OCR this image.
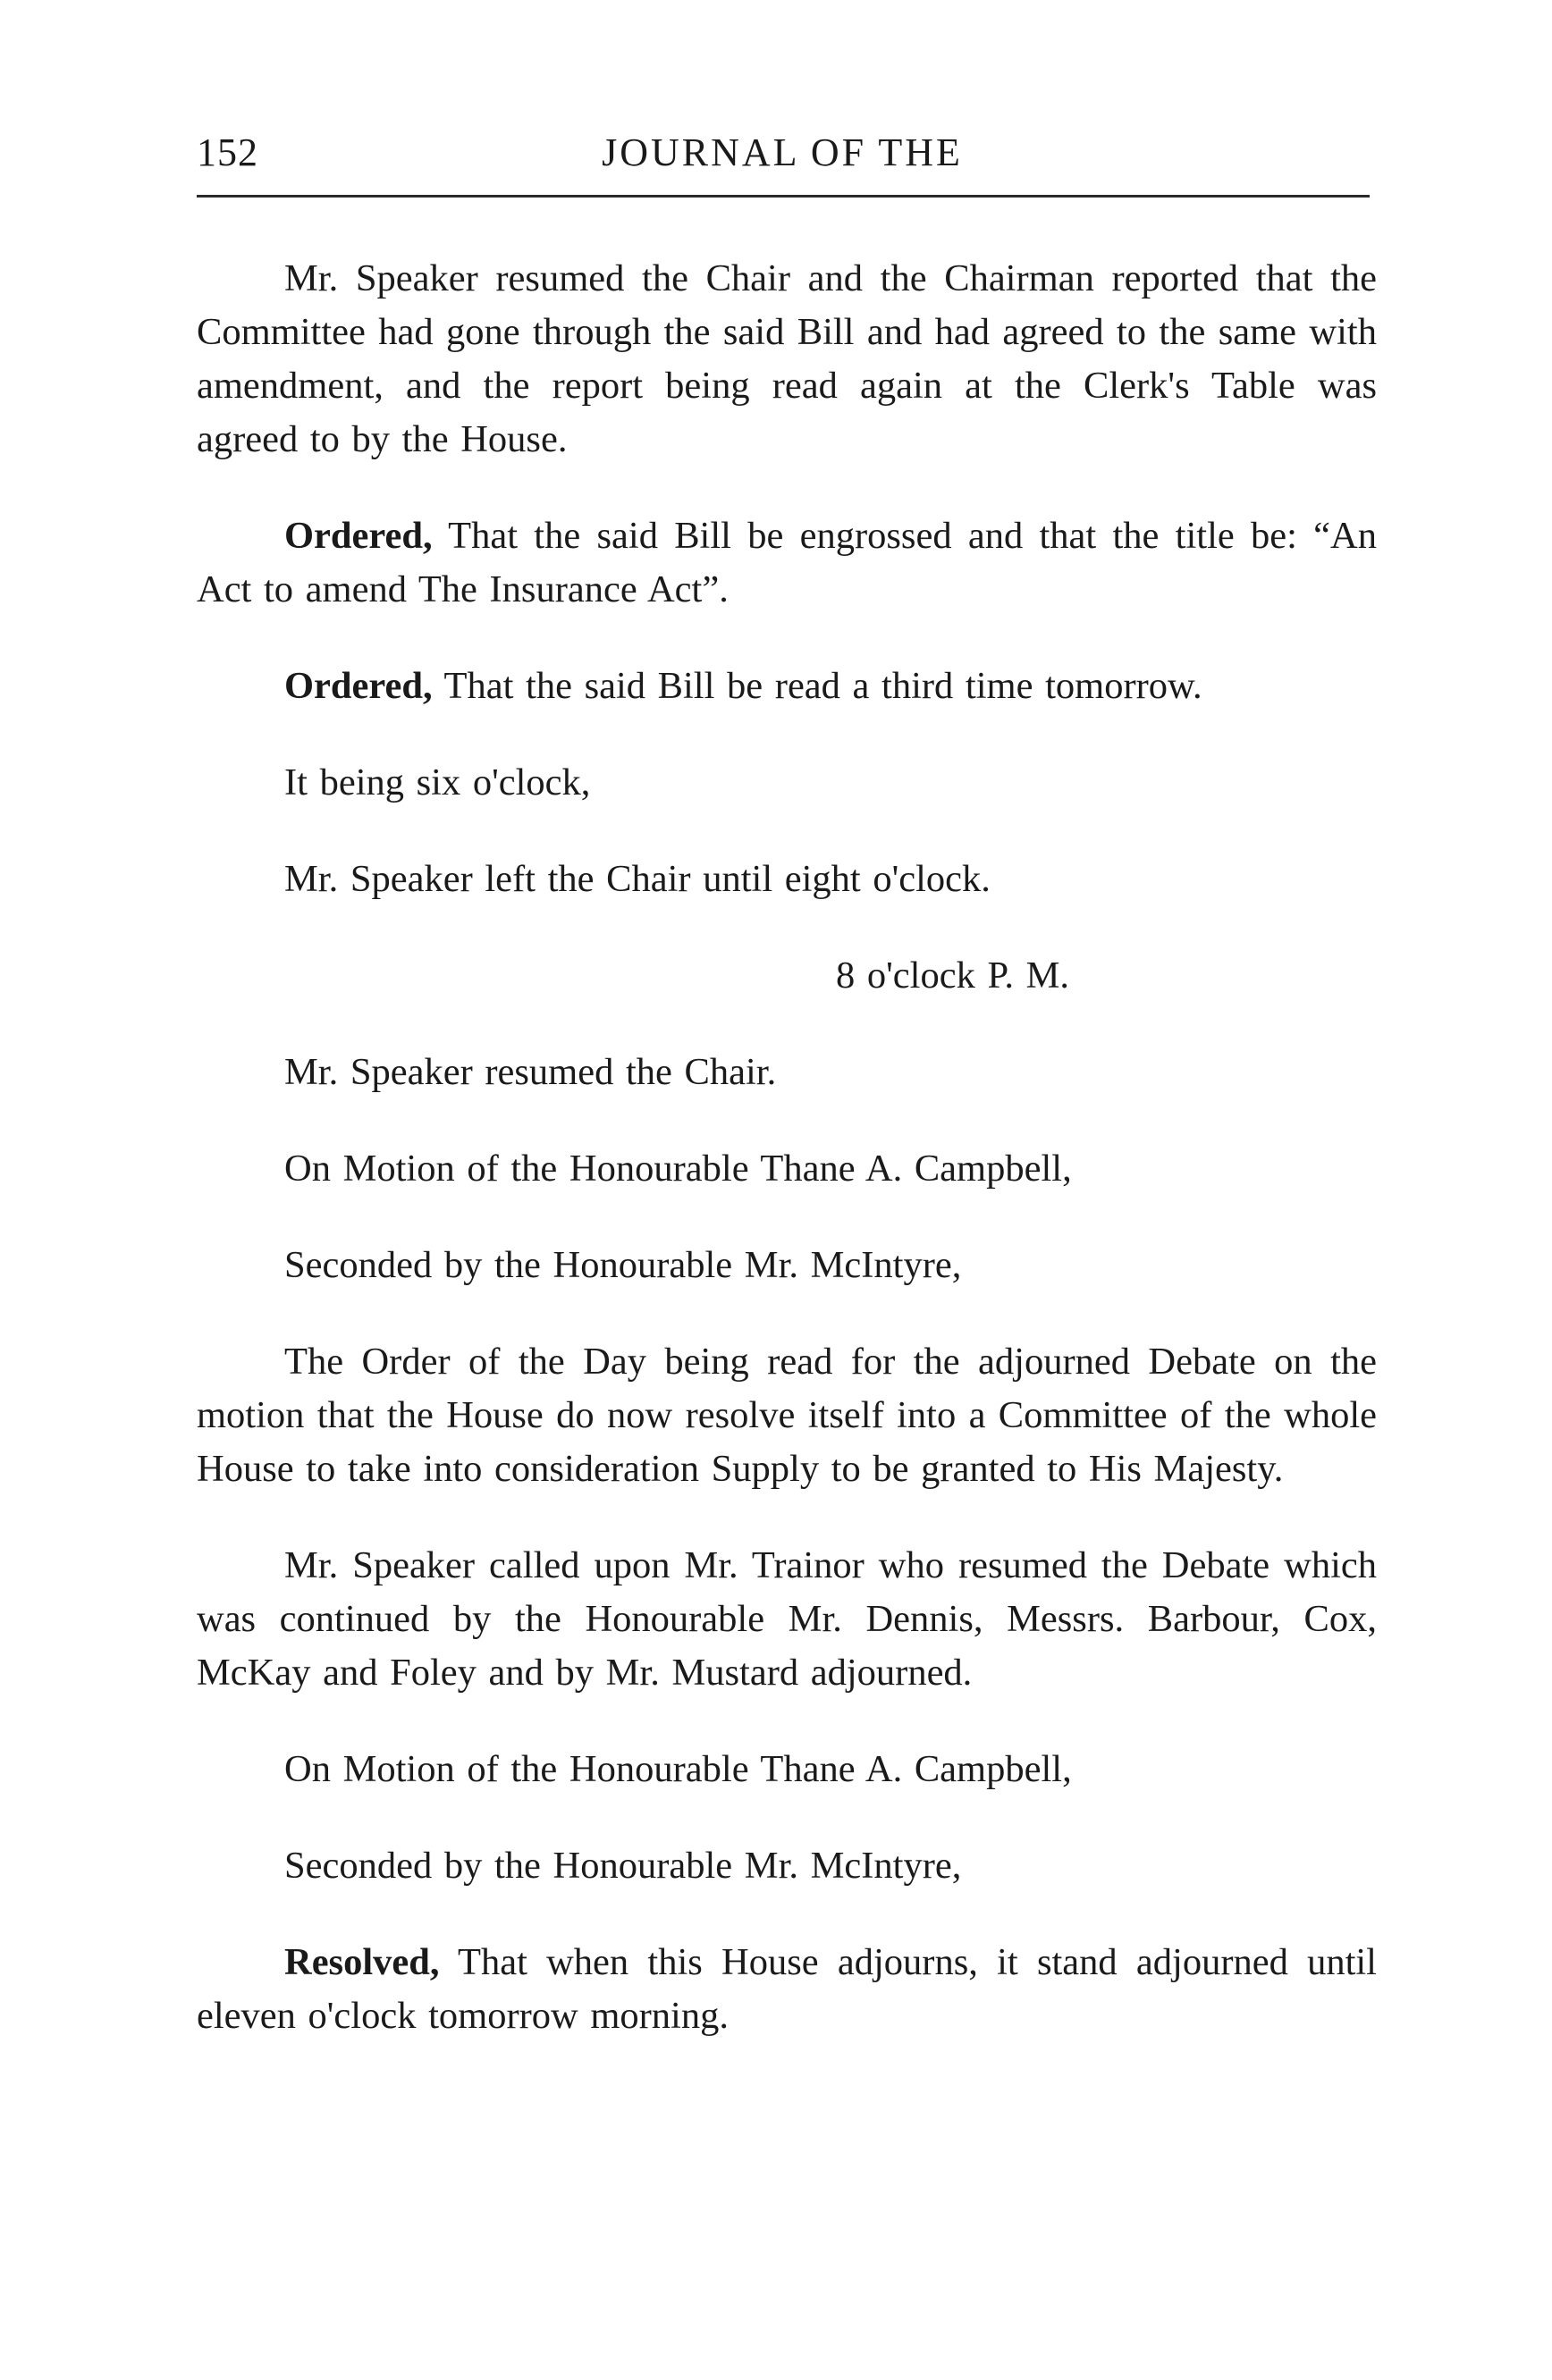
152	JOURNAL OF THE

Mr. Speaker resumed the Chair and the Chairman reported that the Committee had gone through the said Bill and had agreed to the same with amendment, and the report being read again at the Clerk's Table was agreed to by the House.

Ordered, That the said Bill be engrossed and that the title be: “An Act to amend The Insurance Act”.

Ordered, That the said Bill be read a third time tomorrow.

It being six o'clock,

Mr. Speaker left the Chair until eight o'clock.

8 o'clock P. M.

Mr. Speaker resumed the Chair.

On Motion of the Honourable Thane A. Campbell,

Seconded by the Honourable Mr. McIntyre,

The Order of the Day being read for the adjourned Debate on the motion that the House do now resolve itself into a Committee of the whole House to take into consideration Supply to be granted to His Majesty.

Mr. Speaker called upon Mr. Trainor who resumed the Debate which was continued by the Honourable Mr. Dennis, Messrs. Barbour, Cox, McKay and Foley and by Mr. Mustard adjourned.

On Motion of the Honourable Thane A. Campbell,

Seconded by the Honourable Mr. McIntyre,

Resolved, That when this House adjourns, it stand adjourned until eleven o'clock tomorrow morning.
